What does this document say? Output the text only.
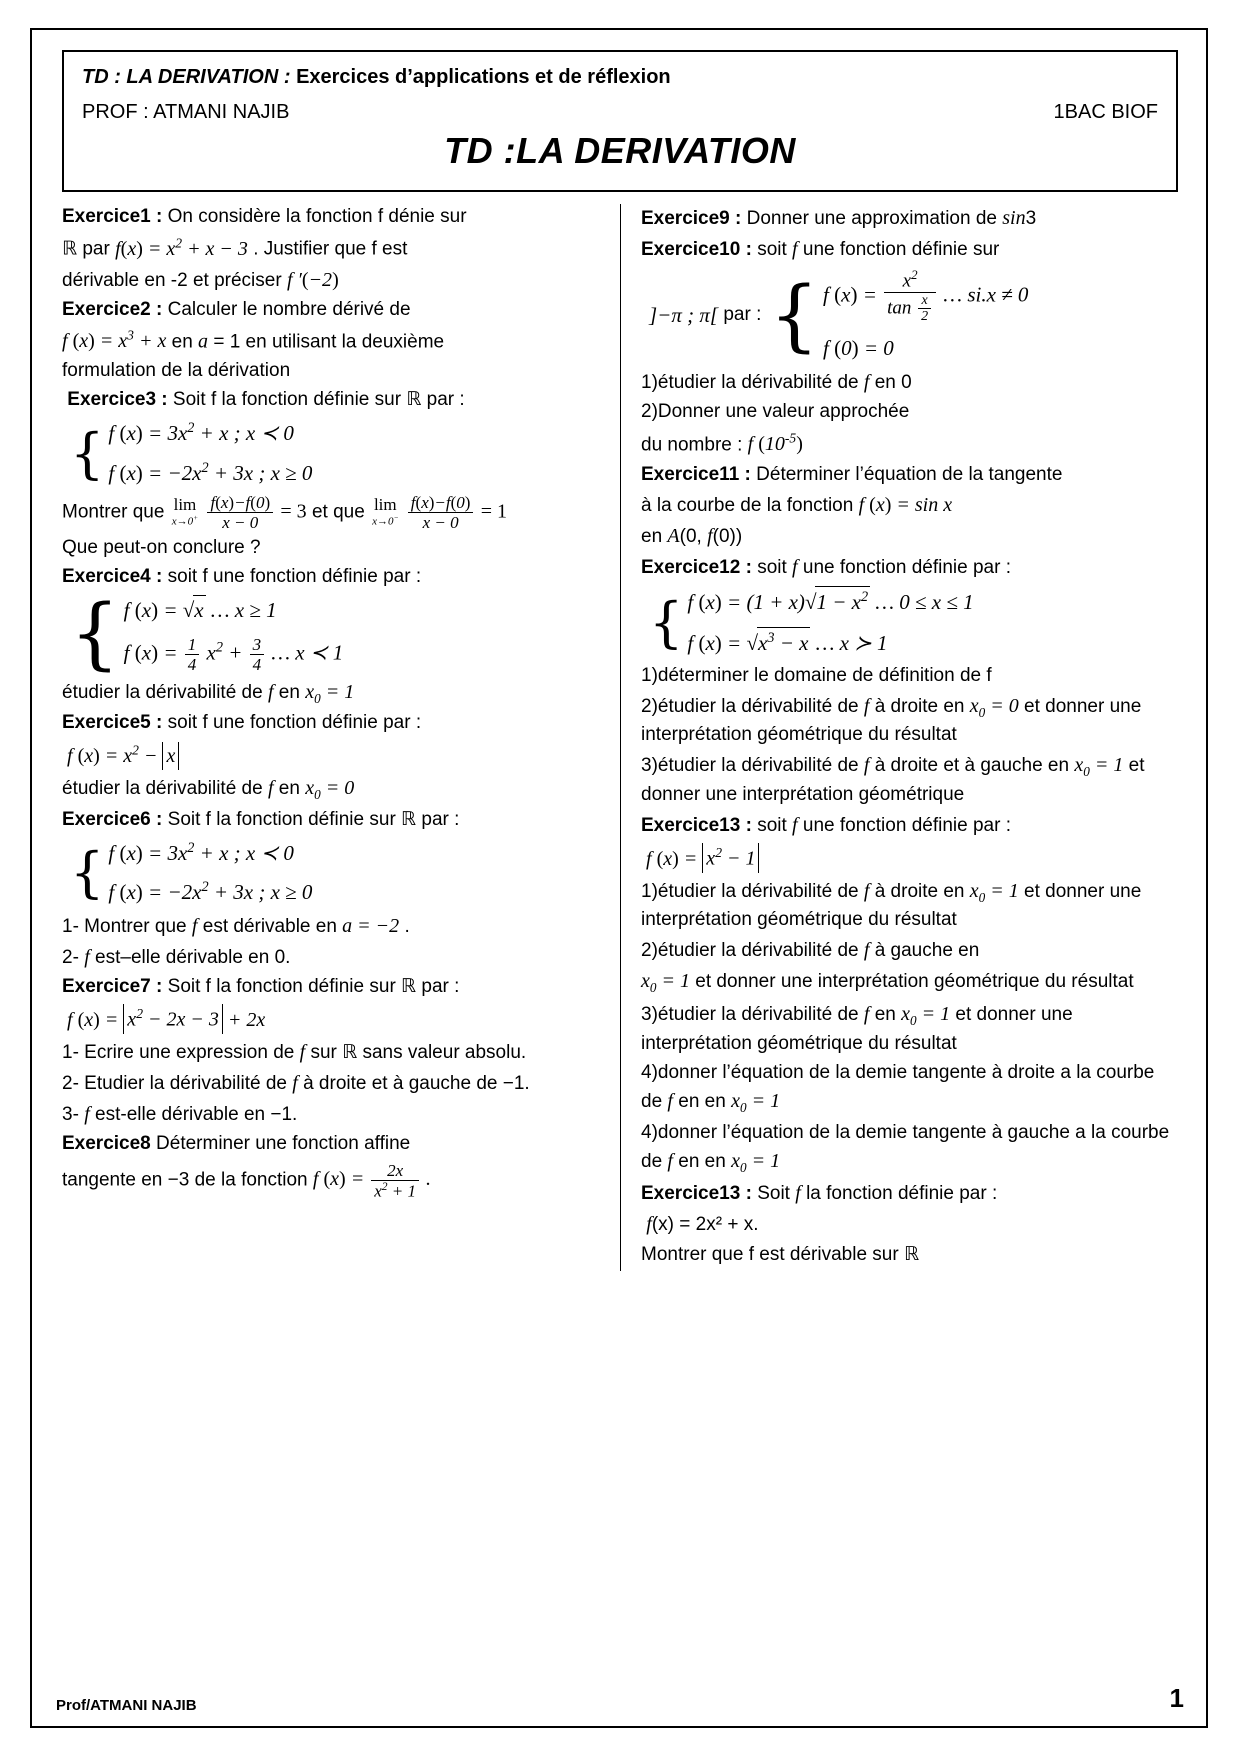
TD : LA DERIVATION : Exercices d’applications et de réflexion
PROF : ATMANI NAJIB	1BAC BIOF
TD :LA DERIVATION
Exercice1 : On considère la fonction f dénie sur
ℝ par $f(x) = x^2 + x - 3$ . Justifier que f est
dérivable en -2 et préciser f ′(−2)
Exercice2 : Calculer le nombre dérivé de
f $(x) = x^3 + x$ en a = 1 en utilisant la deuxième
formulation de la dérivation
Exercice3 : Soit f la fonction définie sur ℝ par :
{ f $(x) = 3x^2 + x$ ; x ≺ 0
f $(x) = -2x^2 + 3x$ ; x ≥ 0
Montrer que lim
x→0+
$\frac{f(x)-f(0)}{x - 0} = 3$ et que lim
x→0−
$\frac{f(x)-f(0)}{x - 0} = 1$
Que peut-on conclure ?
Exercice4 : soit f une fonction définie par :
{ f (x) = √x … x ≥ 1
f $(x) = \frac{1}{4} x^2 + \frac{3}{4}$ … x ≺ 1
étudier la dérivabilité de f en $x_0 = 1$
Exercice5 : soit f une fonction définie par :
f $(x) = x^2 - x$
étudier la dérivabilité de f en $x_0 = 0$
Exercice6 : Soit f la fonction définie sur ℝ par :
{ f $(x) = 3x^2 + x$ ; x ≺ 0
f $(x) = -2x^2 + 3x$ ; x ≥ 0
1- Montrer que f est dérivable en a = −2 .
2- f est–elle dérivable en 0.
Exercice7 : Soit f la fonction définie sur ℝ par :
f $(x) = x^2 - 2x - 3 + 2x$
1- Ecrire une expression de f sur ℝ sans valeur absolu.
2- Etudier la dérivabilité de f à droite et à gauche de −1.
3- f est-elle dérivable en −1.
Exercice8 Déterminer une fonction affine
tangente en −3 de la fonction f $(x) = \frac{2x}{x^2 + 1}$ .
Exercice9 : Donner une approximation de sin3
Exercice10 : soit f une fonction définie sur
]−π ; π[
par : { f $(x) = \frac{x^2}{\tan \frac{x}{2}}$ … si.x ≠ 0
f (0) = 0
1)étudier la dérivabilité de f en 0
2)Donner une valeur approchée
du nombre : f $(10^{-5})$
Exercice11 : Déterminer l’équation de la tangente
à la courbe de la fonction f (x) = sin x
en A(0, f(0))
Exercice12 : soit f une fonction définie par :
{ f $(x) = (1 + x)√1 - x^2$ … 0 ≤ x ≤ 1
f $(x) = √x^3 - x$ … x ≻ 1
1)déterminer le domaine de définition de f
2)étudier la dérivabilité de f à droite en $x_0 = 0$ et donner une interprétation géométrique du résultat
3)étudier la dérivabilité de f à droite et à gauche en $x_0 = 1$ et donner une interprétation géométrique
Exercice13 : soit f une fonction définie par :
f $(x) = x^2 - 1$
1)étudier la dérivabilité de f à droite en $x_0 = 1$ et donner une interprétation géométrique du résultat
2)étudier la dérivabilité de f à gauche en
$x_0 = 1$ et donner une interprétation géométrique du résultat
3)étudier la dérivabilité de f en $x_0 = 1$ et donner une interprétation géométrique du résultat
4)donner l’équation de la demie tangente à droite a la courbe de f en en $x_0 = 1$
4)donner l’équation de la demie tangente à gauche a la courbe de f en en $x_0 = 1$
Exercice13 : Soit f la fonction définie par :
f(x) = 2x² + x.
Montrer que f est dérivable sur ℝ
Prof/ATMANI NAJIB	1
